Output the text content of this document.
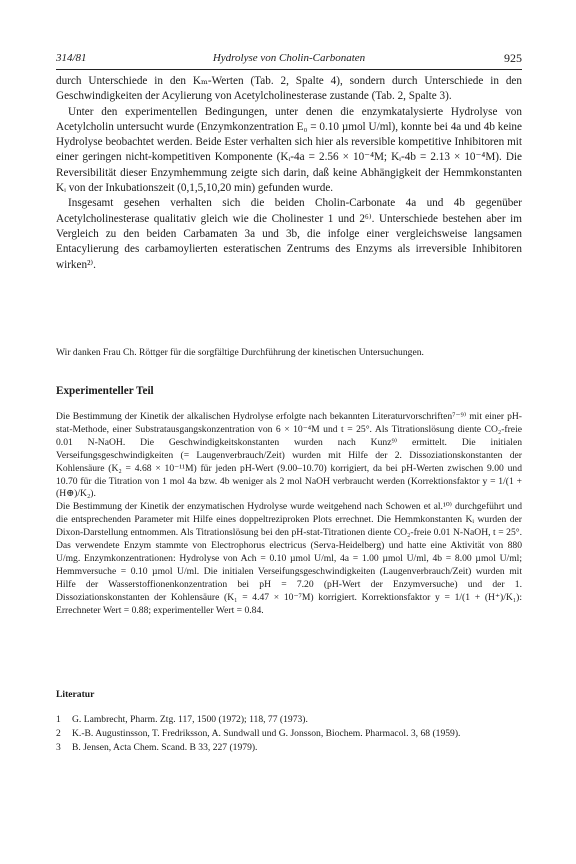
314/81	Hydrolyse von Cholin-Carbonaten	925

durch Unterschiede in den Kₘ-Werten (Tab. 2, Spalte 4), sondern durch Unterschiede in den Geschwindigkeiten der Acylierung von Acetylcholinesterase zustande (Tab. 2, Spalte 3).

Unter den experimentellen Bedingungen, unter denen die enzymkatalysierte Hydrolyse von Acetylcholin untersucht wurde (Enzymkonzentration E₀ = 0.10 µmol U/ml), konnte bei 4a und 4b keine Hydrolyse beobachtet werden. Beide Ester verhalten sich hier als reversible kompetitive Inhibitoren mit einer geringen nicht-kompetitiven Komponente (Kᵢ-4a = 2.56 × 10⁻⁴M; Kᵢ-4b = 2.13 × 10⁻⁴M). Die Reversibilität dieser Enzymhemmung zeigte sich darin, daß keine Abhängigkeit der Hemmkonstanten Kᵢ von der Inkubationszeit (0,1,5,10,20 min) gefunden wurde.

Insgesamt gesehen verhalten sich die beiden Cholin-Carbonate 4a und 4b gegenüber Acetylcholinesterase qualitativ gleich wie die Cholinester 1 und 2⁶⁾. Unterschiede bestehen aber im Vergleich zu den beiden Carbamaten 3a und 3b, die infolge einer vergleichsweise langsamen Entacylierung des carbamoylierten esteratischen Zentrums des Enzyms als irreversible Inhibitoren wirken²⁾.

Wir danken Frau Ch. Röttger für die sorgfältige Durchführung der kinetischen Untersuchungen.
Experimenteller Teil

Die Bestimmung der Kinetik der alkalischen Hydrolyse erfolgte nach bekannten Literaturvorschriften⁷⁻⁹⁾ mit einer pH-stat-Methode, einer Substratausgangskonzentration von 6 × 10⁻⁴M und t = 25°. Als Titrationslösung diente CO₂-freie 0.01 N-NaOH. Die Geschwindigkeitskonstanten wurden nach Kunz⁹⁾ ermittelt. Die initialen Verseifungsgeschwindigkeiten (= Laugenverbrauch/Zeit) wurden mit Hilfe der 2. Dissoziationskonstanten der Kohlensäure (K₂ = 4.68 × 10⁻¹¹M) für jeden pH-Wert (9.00–10.70) korrigiert, da bei pH-Werten zwischen 9.00 und 10.70 für die Titration von 1 mol 4a bzw. 4b weniger als 2 mol NaOH verbraucht werden (Korrektionsfaktor y = 1/(1 + (H⊕)/K₂).

Die Bestimmung der Kinetik der enzymatischen Hydrolyse wurde weitgehend nach Schowen et al.¹⁰⁾ durchgeführt und die entsprechenden Parameter mit Hilfe eines doppeltreziproken Plots errechnet. Die Hemmkonstanten Kᵢ wurden der Dixon-Darstellung entnommen. Als Titrationslösung bei den pH-stat-Titrationen diente CO₂-freie 0.01 N-NaOH, t = 25°. Das verwendete Enzym stammte von Electrophorus electricus (Serva-Heidelberg) und hatte eine Aktivität von 880 U/mg. Enzymkonzentrationen: Hydrolyse von Ach = 0.10 µmol U/ml, 4a = 1.00 µmol U/ml, 4b = 8.00 µmol U/ml; Hemmversuche = 0.10 µmol U/ml. Die initialen Verseifungsgeschwindigkeiten (Laugenverbrauch/Zeit) wurden mit Hilfe der Wasserstoffionenkonzentration bei pH = 7.20 (pH-Wert der Enzymversuche) und der 1. Dissoziationskonstanten der Kohlensäure (K₁ = 4.47 × 10⁻⁷M) korrigiert. Korrektionsfaktor y = 1/(1 + (H⁺)/K₁): Errechneter Wert = 0.88; experimenteller Wert = 0.84.

Literatur
1 G. Lambrecht, Pharm. Ztg. 117, 1500 (1972); 118, 77 (1973).
2 K.-B. Augustinsson, T. Fredriksson, A. Sundwall und G. Jonsson, Biochem. Pharmacol. 3, 68 (1959).
3 B. Jensen, Acta Chem. Scand. B 33, 227 (1979).
